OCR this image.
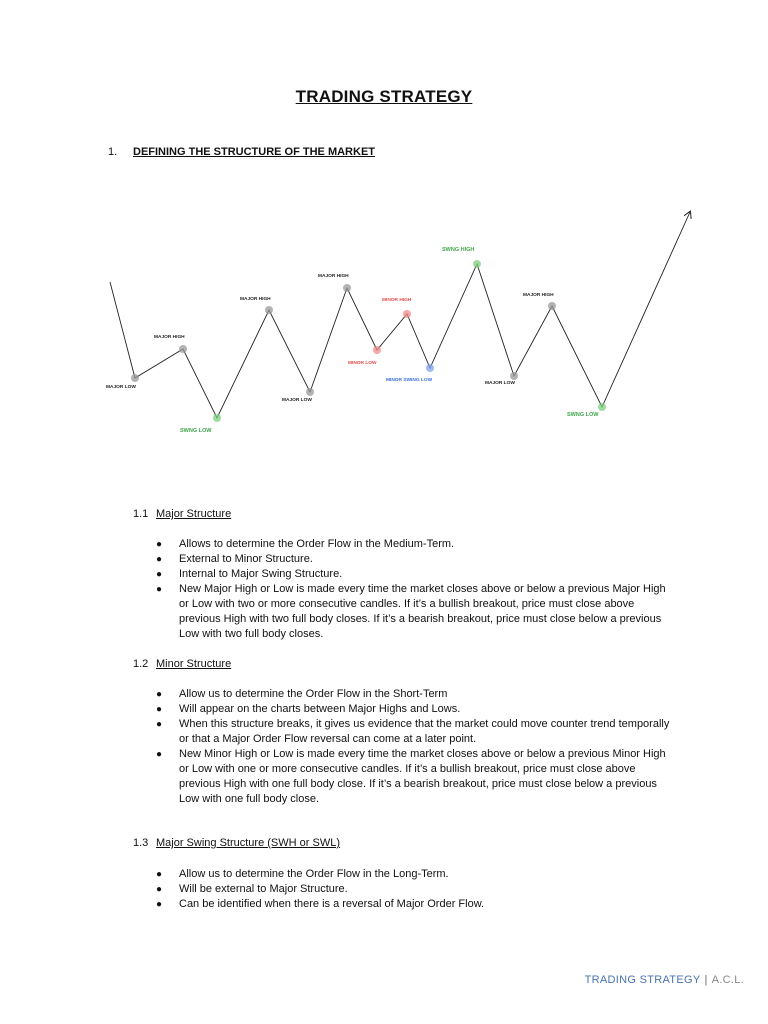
TRADING STRATEGY
1. DEFINING THE STRUCTURE OF THE MARKET
MAJOR LOW
MAJOR HIGH
SWNG LOW
MAJOR HIGH
MAJOR LOW
MAJOR HIGH
MINOR LOW
MINOR HIGH
MINOR SWING LOW
SWNG HIGH
MAJOR LOW
MAJOR HIGH
SWNG LOW
1.1 Major Structure
● Allows to determine the Order Flow in the Medium-Term.
● External to Minor Structure.
● Internal to Major Swing Structure.
● New Major High or Low is made every time the market closes above or below a previous Major High or Low with two or more consecutive candles. If it’s a bullish breakout, price must close above previous High with two full body closes. If it’s a bearish breakout, price must close below a previous Low with two full body closes.
1.2 Minor Structure
● Allow us to determine the Order Flow in the Short-Term
● Will appear on the charts between Major Highs and Lows.
● When this structure breaks, it gives us evidence that the market could move counter trend temporally or that a Major Order Flow reversal can come at a later point.
● New Minor High or Low is made every time the market closes above or below a previous Minor High or Low with one or more consecutive candles. If it’s a bullish breakout, price must close above previous High with one full body close. If it’s a bearish breakout, price must close below a previous Low with one full body close.
1.3 Major Swing Structure (SWH or SWL)
● Allow us to determine the Order Flow in the Long-Term.
● Will be external to Major Structure.
● Can be identified when there is a reversal of Major Order Flow.
TRADING STRATEGY | A.C.L.
